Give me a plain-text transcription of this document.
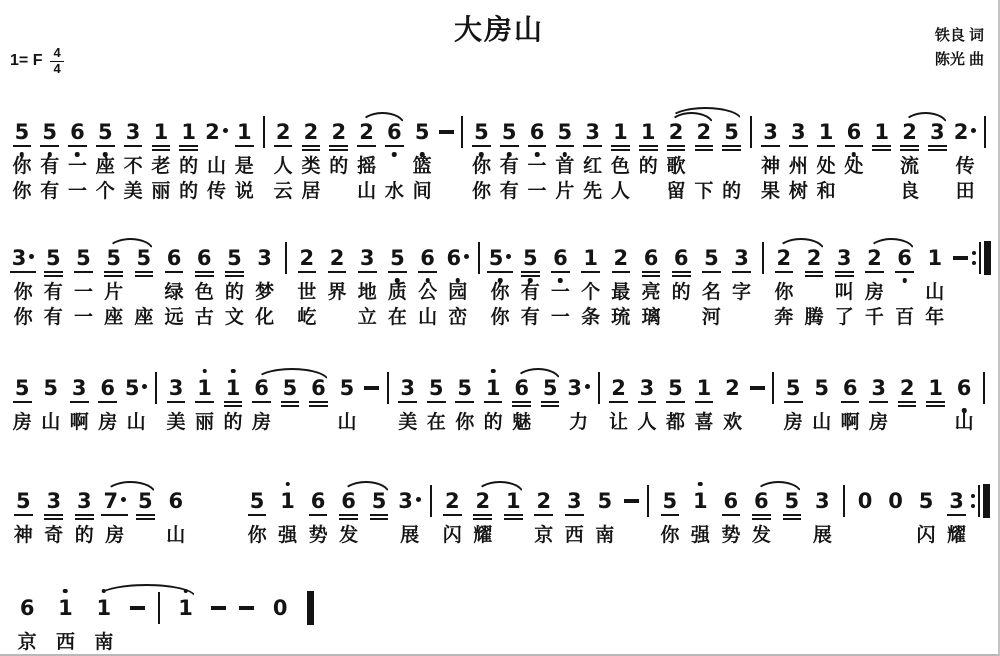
大房山	铁良 词
陈光 曲
1= F $\frac{4}{4}$
5
你
你
5
有
有
6
一
一
5
座
个
3
不
美
1
老
丽
1
的
的
2
山
传
1
是
说
2
人
云
2
类
居
2
的
2
摇
山
6
水
5
篮
间
5
你
你
5
有
有
6
一
一
5
首
片
3
红
先
1
色
人
1
的
2
歌
留
2
下
5
的
3
神
果
3
州
树
1
处
和
6
处
1 2
流
良
3 2
传
田
3
你
你
5
有
有
5
一
一
5
片
座
5
座
6
绿
远
6
色
古
5
的
文
3
梦
化
2
世
屹
2
界
3
地
立
5
质
在
6
公
山
6
园
峦
5
你
你
5
有
有
6
一
一
1
个
条
2
最
琉
6
亮
璃
6
的
5
名
河
3
字
2
你
奔
2
腾
3
叫
了
2
房
千
6
百
1
山
年
5
房
5
山
3
啊
6
房
5
山
3
美
1
丽
1
的
6
房
5 6 5
山
3
美
5
在
5
你
1
的
6
魅
5 3
力
2
让
3
人
5
都
1
喜
2
欢
5
房
5
山
6
啊
3
房
2 1 6
山
5
神
3
奇
3
的
7
房
5 6
山
5
你
1
强
6
势
6
发
5 3
展
2
闪
2
耀
1 2
京
3
西
5
南
5
你
1
强
6
势
6
发
5 3
展
0 0 5
闪
3
耀
6
京
1
西
1
南
1	0
